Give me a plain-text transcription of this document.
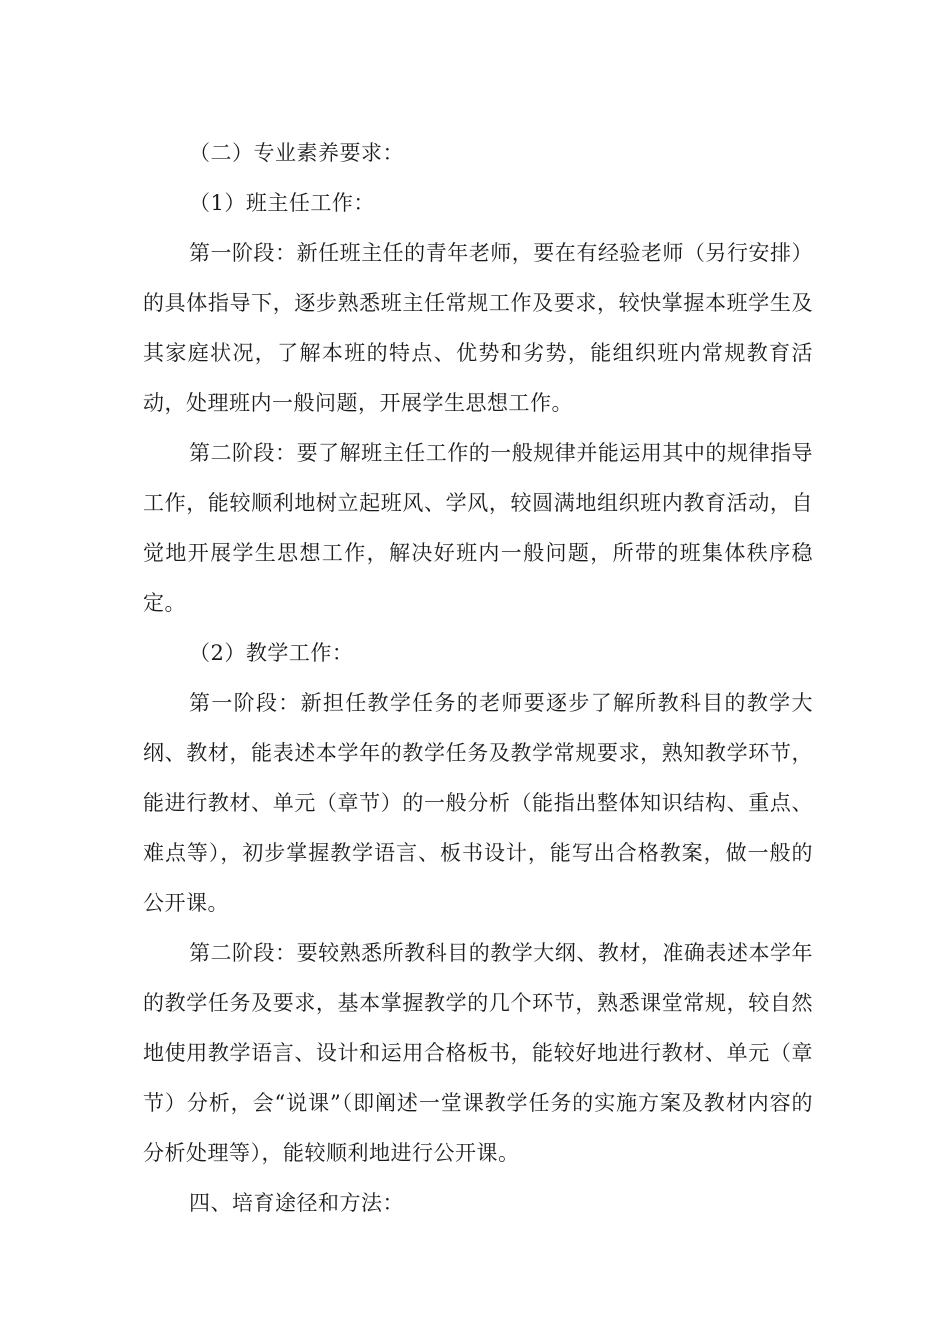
（二）专业素养要求：

（1）班主任工作：

第一阶段：新任班主任的青年老师，要在有经验老师（另行安排）的具体指导下，逐步熟悉班主任常规工作及要求，较快掌握本班学生及其家庭状况，了解本班的特点、优势和劣势，能组织班内常规教育活动，处理班内一般问题，开展学生思想工作。

第二阶段：要了解班主任工作的一般规律并能运用其中的规律指导工作，能较顺利地树立起班风、学风，较圆满地组织班内教育活动，自觉地开展学生思想工作，解决好班内一般问题，所带的班集体秩序稳定。

（2）教学工作：

第一阶段：新担任教学任务的老师要逐步了解所教科目的教学大纲、教材，能表述本学年的教学任务及教学常规要求，熟知教学环节，能进行教材、单元（章节）的一般分析（能指出整体知识结构、重点、难点等），初步掌握教学语言、板书设计，能写出合格教案，做一般的公开课。

第二阶段：要较熟悉所教科目的教学大纲、教材，准确表述本学年的教学任务及要求，基本掌握教学的几个环节，熟悉课堂常规，较自然地使用教学语言、设计和运用合格板书，能较好地进行教材、单元（章节）分析，会“说课”（即阐述一堂课教学任务的实施方案及教材内容的分析处理等），能较顺利地进行公开课。

四、培育途径和方法：
